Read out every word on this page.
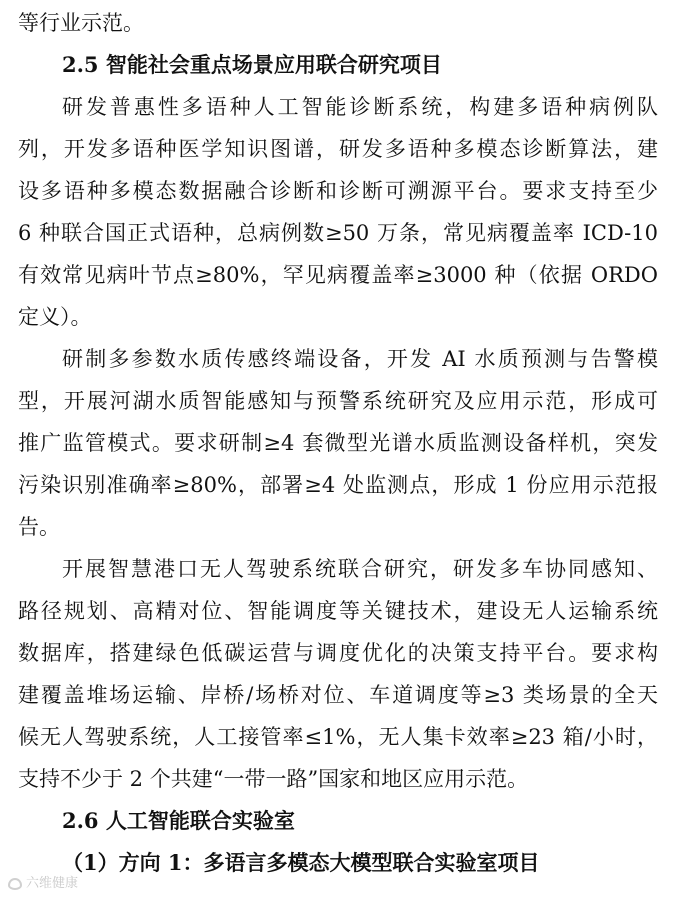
等行业示范。
2.5 智能社会重点场景应用联合研究项目
研发普惠性多语种人工智能诊断系统，构建多语种病例队
列，开发多语种医学知识图谱，研发多语种多模态诊断算法，建
设多语种多模态数据融合诊断和诊断可溯源平台。要求支持至少
6 种联合国正式语种，总病例数≥50 万条，常见病覆盖率 ICD-10
有效常见病叶节点≥80%，罕见病覆盖率≥3000 种（依据 ORDO
定义）。
研制多参数水质传感终端设备，开发 AI 水质预测与告警模
型，开展河湖水质智能感知与预警系统研究及应用示范，形成可
推广监管模式。要求研制≥4 套微型光谱水质监测设备样机，突发
污染识别准确率≥80%，部署≥4 处监测点，形成 1 份应用示范报
告。
开展智慧港口无人驾驶系统联合研究，研发多车协同感知、
路径规划、高精对位、智能调度等关键技术，建设无人运输系统
数据库，搭建绿色低碳运营与调度优化的决策支持平台。要求构
建覆盖堆场运输、岸桥/场桥对位、车道调度等≥3 类场景的全天
候无人驾驶系统，人工接管率≤1%，无人集卡效率≥23 箱/小时，
支持不少于 2 个共建“一带一路”国家和地区应用示范。
2.6 人工智能联合实验室
（1）方向 1：多语言多模态大模型联合实验室项目
六维健康
